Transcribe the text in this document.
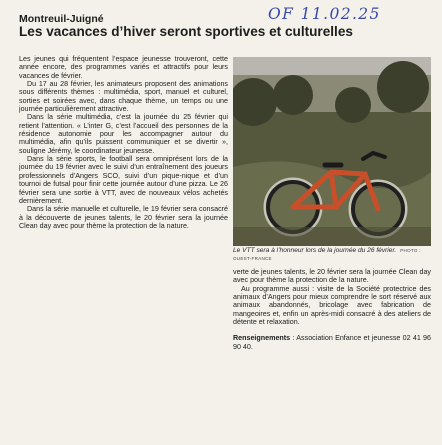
Montreuil-Juigné	OF 11.02.25
Les vacances d’hiver seront sportives et culturelles

Les jeunes qui fréquentent l’espace jeunesse trouveront, cette année encore, des programmes variés et attractifs pour leurs vacances de février.

Du 17 au 28 février, les animateurs proposent des animations sous différents thèmes : multimédia, sport, manuel et culturel, sorties et soirées avec, dans chaque thème, un temps ou une journée particulièrement attractive.

Dans la série multimédia, c’est la journée du 25 février qui retient l’attention. « L’inter G, c’est l’accueil des personnes de la résidence autonomie pour les accompagner autour du multimédia, afin qu’ils puissent communiquer et se divertir », souligne Jérémy, le coordinateur jeunesse.

Dans la série sports, le football sera omniprésent lors de la journée du 19 février avec le suivi d’un entraînement des joueurs professionnels d’Angers SCO, suivi d’un pique-nique et d’un tournoi de futsal pour finir cette journée autour d’une pizza. Le 26 février sera une sortie à VTT, avec de nouveaux vélos achetés dernièrement.

Dans la série manuelle et culturelle, le 19 février sera consacré à la découverte de jeunes talents, le 20 février sera la journée Clean day avec pour thème la protection de la nature.

Le VTT sera à l’honneur lors de la journée du 26 février. PHOTO : OUEST-FRANCE

verte de jeunes talents, le 20 février sera la journée Clean day avec pour thème la protection de la nature.

Au programme aussi : visite de la Société protectrice des animaux d’Angers pour mieux comprendre le sort réservé aux animaux abandonnés, bricolage avec fabrication de mangeoires et, enfin un après-midi consacré à des ateliers de détente et relaxation.

Renseignements : Association Enfance et jeunesse 02 41 96 90 40.
